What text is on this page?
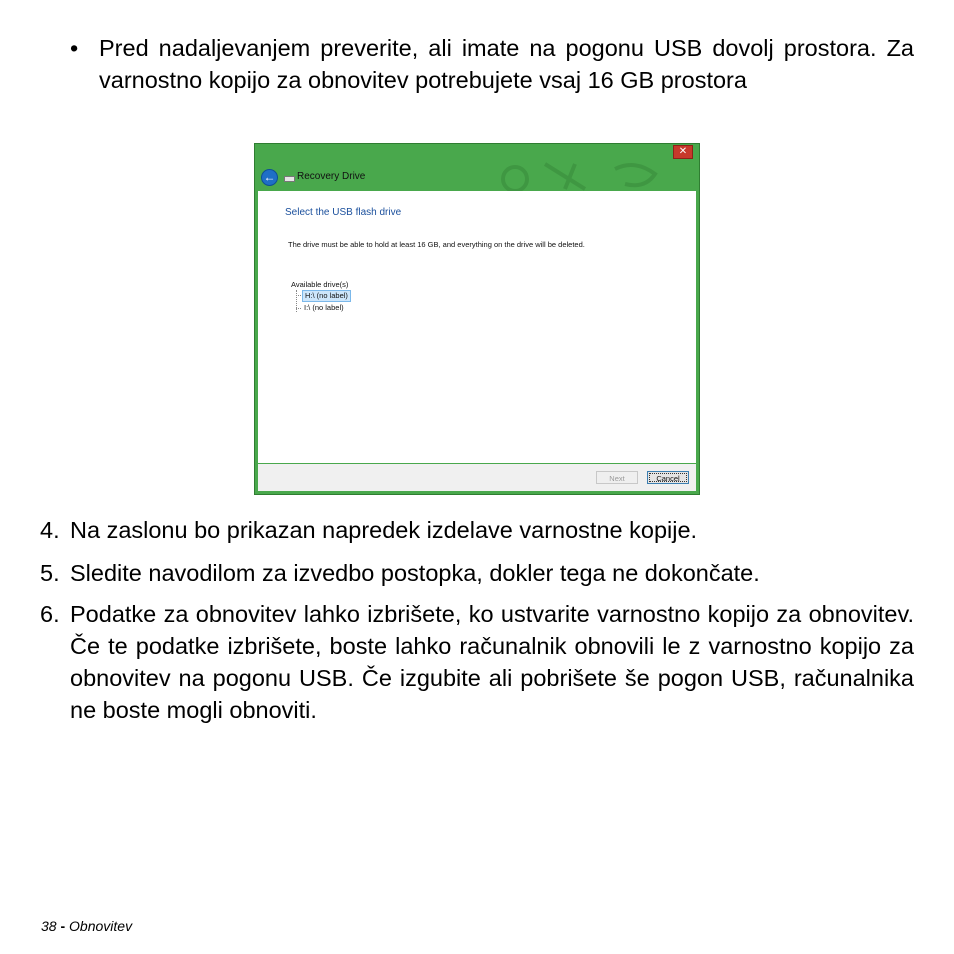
• Pred nadaljevanjem preverite, ali imate na pogonu USB dovolj prostora. Za varnostno kopijo za obnovitev potrebujete vsaj 16 GB prostora

✕
← Recovery Drive
Select the USB flash drive
The drive must be able to hold at least 16 GB, and everything on the drive will be deleted.
Available drive(s)
H:\ (no label)
I:\ (no label)
Next	Cancel
4. Na zaslonu bo prikazan napredek izdelave varnostne kopije.

5. Sledite navodilom za izvedbo postopka, dokler tega ne dokončate.

6. Podatke za obnovitev lahko izbrišete, ko ustvarite varnostno kopijo za obnovitev. Če te podatke izbrišete, boste lahko računalnik obnovili le z varnostno kopijo za obnovitev na pogonu USB. Če izgubite ali pobrišete še pogon USB, računalnika ne boste mogli obnoviti.

38 - Obnovitev
